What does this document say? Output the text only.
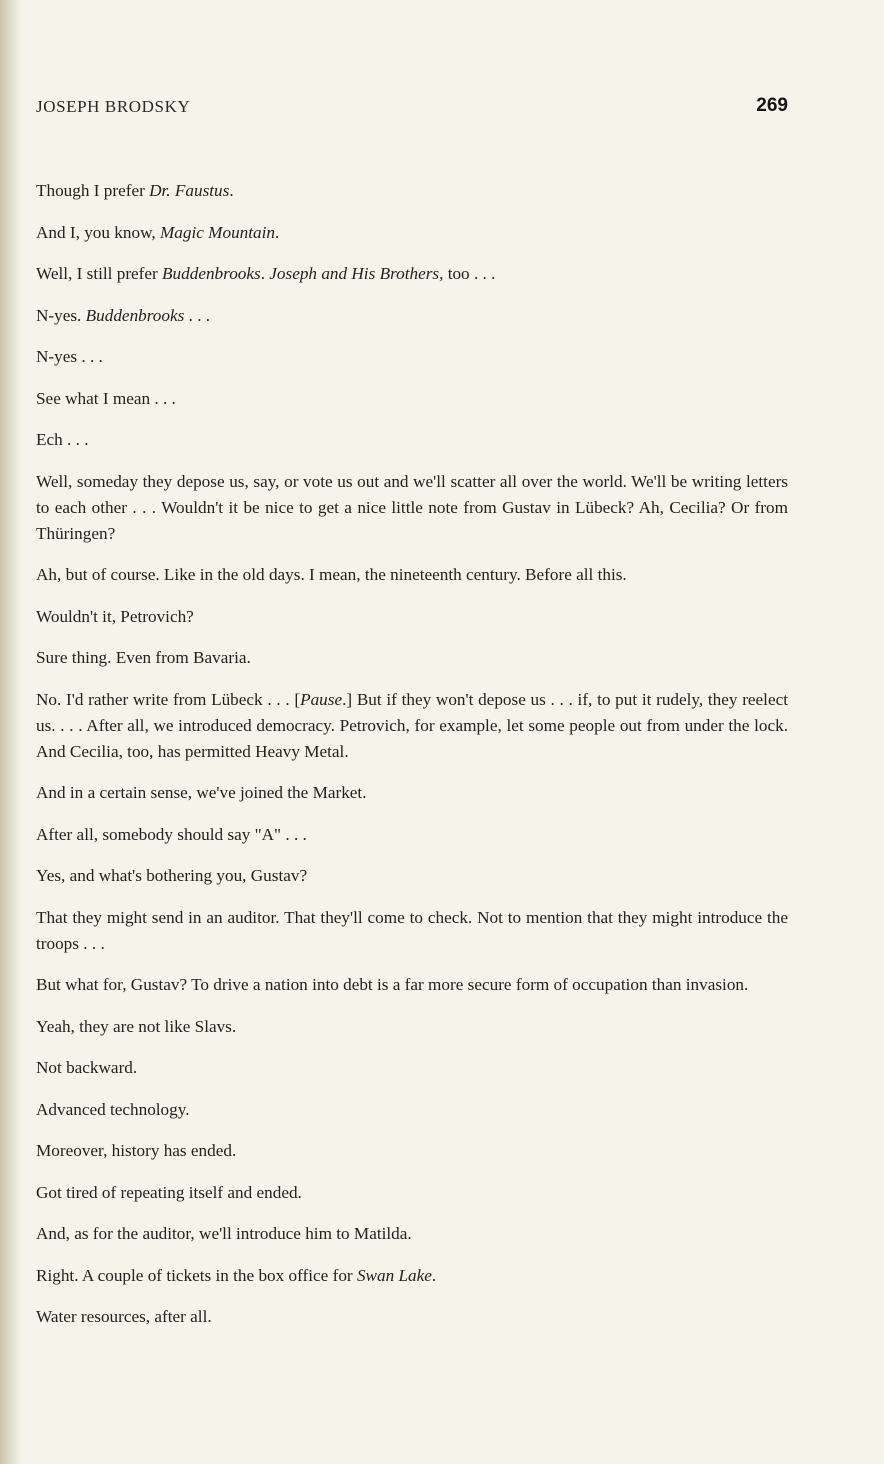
JOSEPH BRODSKY	269

Though I prefer Dr. Faustus.

And I, you know, Magic Mountain.

Well, I still prefer Buddenbrooks. Joseph and His Brothers, too . . .

N-yes. Buddenbrooks . . .

N-yes . . .

See what I mean . . .

Ech . . .

Well, someday they depose us, say, or vote us out and we'll scatter all over the world. We'll be writing letters to each other . . . Wouldn't it be nice to get a nice little note from Gustav in Lübeck? Ah, Cecilia? Or from Thüringen?

Ah, but of course. Like in the old days. I mean, the nineteenth century. Before all this.

Wouldn't it, Petrovich?

Sure thing. Even from Bavaria.

No. I'd rather write from Lübeck . . . [Pause.] But if they won't depose us . . . if, to put it rudely, they reelect us. . . . After all, we introduced democracy. Petrovich, for example, let some people out from under the lock. And Cecilia, too, has permitted Heavy Metal.

And in a certain sense, we've joined the Market.

After all, somebody should say "A" . . .

Yes, and what's bothering you, Gustav?

That they might send in an auditor. That they'll come to check. Not to mention that they might introduce the troops . . .

But what for, Gustav? To drive a nation into debt is a far more secure form of occupation than invasion.

Yeah, they are not like Slavs.

Not backward.

Advanced technology.

Moreover, history has ended.

Got tired of repeating itself and ended.

And, as for the auditor, we'll introduce him to Matilda.

Right. A couple of tickets in the box office for Swan Lake.

Water resources, after all.
